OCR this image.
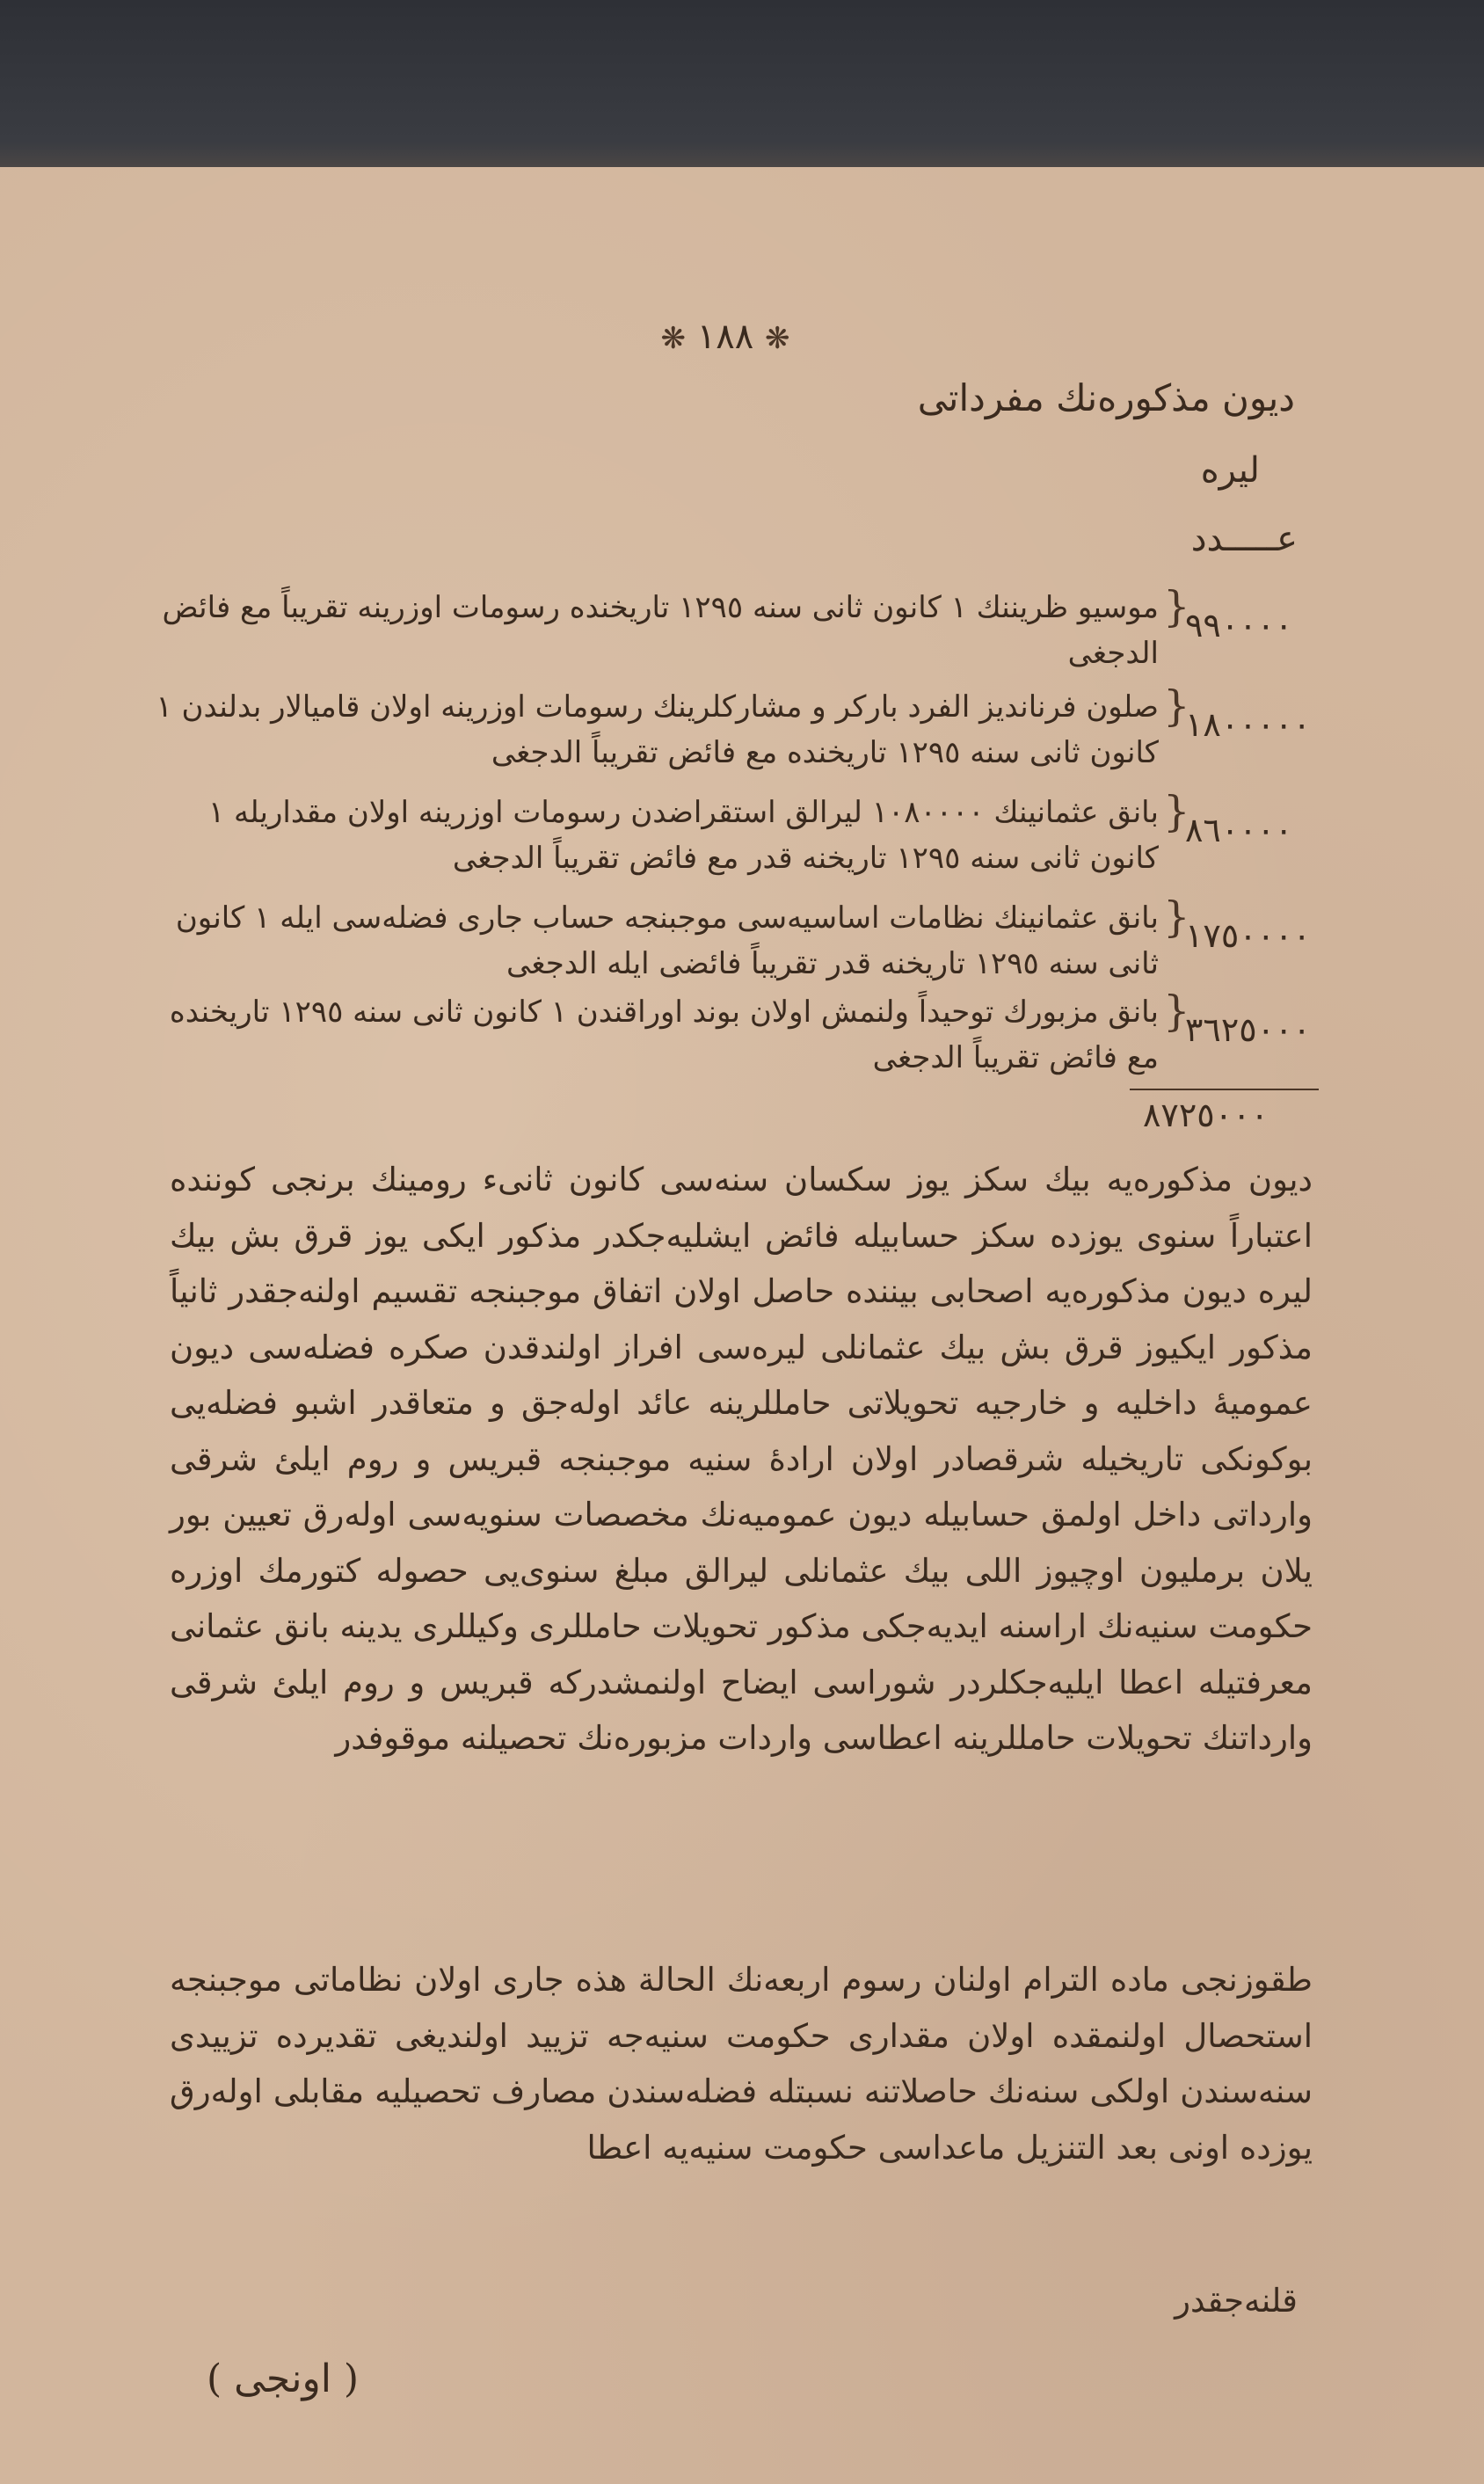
❋ ١٨٨ ❋
ديون مذكوره‌نك مفرداتى
ليره
عـــــدد
٩٩٠٠٠٠
}
موسيو ظريننك ١ كانون ثانى سنه ١٢٩٥ تاريخنده رسومات اوزرينه تقريباً مع فائض الدجغى
١٨٠٠٠٠٠
}
صلون فرنانديز الفرد باركر و مشاركلرينك رسومات اوزرينه اولان قاميالار بدلندن ١ كانون ثانى سنه ١٢٩٥ تاريخنده مع فائض تقريباً الدجغى
٨٦٠٠٠٠
}
بانق عثمانينك ١٠٨٠٠٠٠ ليرالق استقراضدن رسومات اوزرينه اولان مقداريله ١ كانون ثانى سنه ١٢٩٥ تاريخنه قدر مع فائض تقريباً الدجغى
١٧٥٠٠٠٠
}
بانق عثمانينك نظامات اساسيه‌سى موجبنجه حساب جارى فضله‌سى ايله ١ كانون ثانى سنه ١٢٩٥ تاريخنه قدر تقريباً فائضى ايله الدجغى
٣٦٢٥٠٠٠
}
بانق مزبورك توحيداً ولنمش اولان بوند اوراقندن ١ كانون ثانى سنه ١٢٩٥ تاريخنده مع فائض تقريباً الدجغى
٨٧٢٥٠٠٠
ديون مذكوره‌يه بيك سكز يوز سكسان سنه‌سى كانون ثانى‌ء رومينك برنجى كوننده اعتباراً سنوى يوزده سكز حسابيله فائض ايشليه‌جكدر مذكور ايكى يوز قرق بش بيك ليره ديون مذكوره‌يه اصحابى بيننده حاصل اولان اتفاق موجبنجه تقسيم اولنه‌جقدر ثانياً مذكور ايكيوز قرق بش بيك عثمانلى ليره‌سى افراز اولندقدن صكره فضله‌سى ديون عموميهٔ داخليه و خارجيه تحويلاتى حامللرينه عائد اوله‌جق و متعاقدر اشبو فضله‌يى بوكونكى تاريخيله شرقصادر اولان ارادهٔ سنيه موجبنجه قبريس و روم ايلئ شرقى وارداتى داخل اولمق حسابيله ديون عموميه‌نك مخصصات سنويه‌سى اوله‌رق تعيين بور يلان برمليون اوچيوز اللى بيك عثمانلى ليرالق مبلغ سنوى‌يى حصوله كتورمك اوزره حكومت سنيه‌نك اراسنه ايديه‌جكى مذكور تحويلات حامللرى وكيللرى يدينه بانق عثمانى معرفتيله اعطا ايليه‌جكلردر شوراسى ايضاح اولنمشدركه قبريس و روم ايلئ شرقى وارداتنك تحويلات حامللرينه اعطاسى واردات مزبوره‌نك تحصيلنه موقوفدر
طقوزنجى ماده الترام اولنان رسوم اربعه‌نك الحالة هذه جارى اولان نظاماتى موجبنجه استحصال اولنمقده اولان مقدارى حكومت سنيه‌جه تزييد اولنديغى تقديرده تزييدى سنه‌سندن اولكى سنه‌نك حاصلاتنه نسبتله فضله‌سندن مصارف تحصيليه مقابلى اوله‌رق يوزده اونى بعد التنزيل ماعداسى حكومت سنيه‌يه اعطا
قلنه‌جقدر
( اونجى )
